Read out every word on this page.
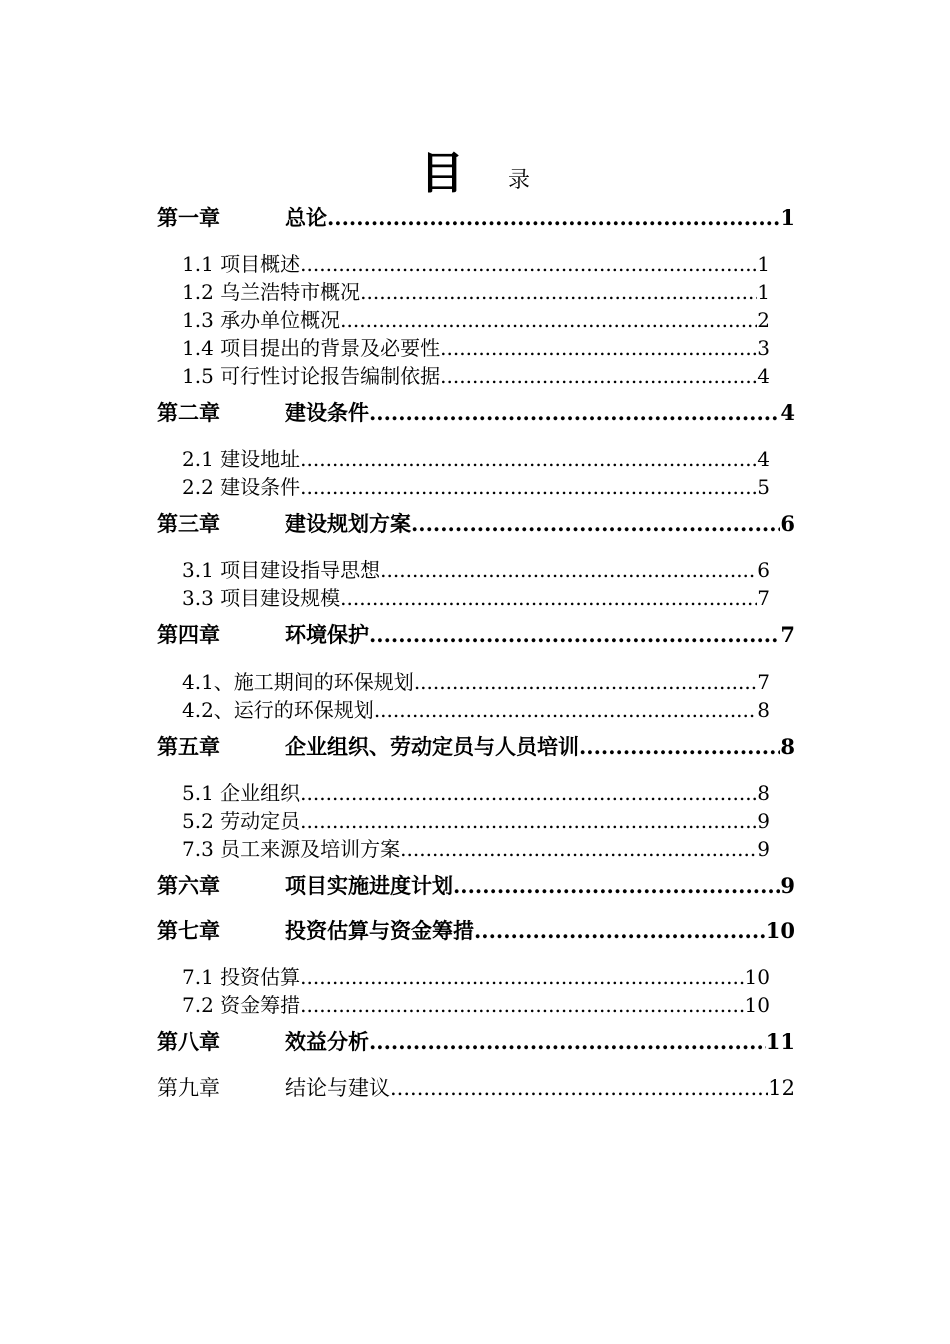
目 录
第一章	总论 .....	1
1.1 项目概述 .....	1
1.2 乌兰浩特市概况 .....	1
1.3 承办单位概况 .....	2
1.4 项目提出的背景及必要性 .....	3
1.5 可行性讨论报告编制依据 .....	4
第二章	建设条件 .....	4
2.1 建设地址 .....	4
2.2 建设条件 .....	5
第三章	建设规划方案 .....	6
3.1 项目建设指导思想 .....	6
3.3 项目建设规模 .....	7
第四章	环境保护 .....	7
4.1、施工期间的环保规划 .....	7
4.2、运行的环保规划 .....	8
第五章	企业组织、劳动定员与人员培训 .....	8
5.1 企业组织 .....	8
5.2 劳动定员 .....	9
7.3 员工来源及培训方案 .....	9
第六章	项目实施进度计划 .....	9
第七章	投资估算与资金筹措 .....	10
7.1 投资估算 .....	10
7.2 资金筹措 .....	10
第八章	效益分析 .....	11
第九章	结论与建议 .....	12
